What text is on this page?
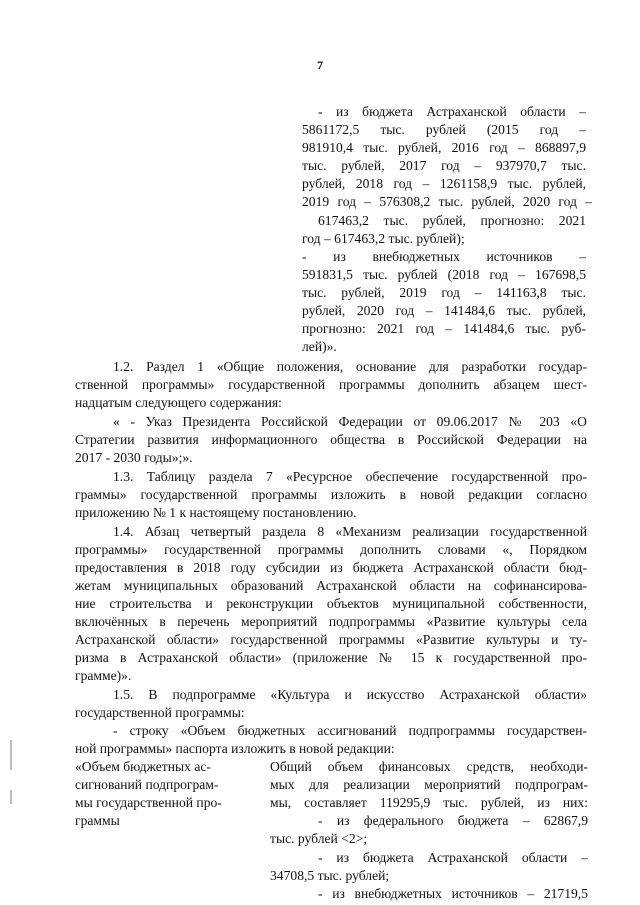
7

- из бюджета Астраханской области –

5861172,5 тыс. рублей (2015 год –

981910,4 тыс. рублей, 2016 год – 868897,9

тыс. рублей, 2017 год – 937970,7 тыс.

рублей, 2018 год – 1261158,9 тыс. рублей,

2019 год – 576308,2 тыс. рублей, 2020 год –

617463,2 тыс. рублей, прогнозно: 2021

год – 617463,2 тыс. рублей);

- из внебюджетных источников –

591831,5 тыс. рублей (2018 год – 167698,5

тыс. рублей, 2019 год – 141163,8 тыс.

рублей, 2020 год – 141484,6 тыс. рублей,

прогнозно: 2021 год – 141484,6 тыс. руб-

лей)».

1.2. Раздел 1 «Общие положения, основание для разработки государ-

ственной программы» государственной программы дополнить абзацем шест-

надцатым следующего содержания:

« - Указ Президента Российской Федерации от 09.06.2017 № 203 «О

Стратегии развития информационного общества в Российской Федерации на

2017 - 2030 годы»;».

1.3. Таблицу раздела 7 «Ресурсное обеспечение государственной про-

граммы» государственной программы изложить в новой редакции согласно

приложению № 1 к настоящему постановлению.

1.4. Абзац четвертый раздела 8 «Механизм реализации государственной

программы» государственной программы дополнить словами «, Порядком

предоставления в 2018 году субсидии из бюджета Астраханской области бюд-

жетам муниципальных образований Астраханской области на софинансирова-

ние строительства и реконструкции объектов муниципальной собственности,

включённых в перечень мероприятий подпрограммы «Развитие культуры села

Астраханской области» государственной программы «Развитие культуры и ту-

ризма в Астраханской области» (приложение № 15 к государственной про-

грамме)».

1.5. В подпрограмме «Культура и искусство Астраханской области»

государственной программы:

- строку «Объем бюджетных ассигнований подпрограммы государствен-

ной программы» паспорта изложить в новой редакции:

«Объем бюджетных ас-

сигнований подпрограм-

мы государственной про-

граммы

Общий объем финансовых средств, необходи-

мых для реализации мероприятий подпрограм-

мы, составляет 119295,9 тыс. рублей, из них:

- из федерального бюджета – 62867,9

тыс. рублей <2>;

- из бюджета Астраханской области –

34708,5 тыс. рублей;

- из внебюджетных источников – 21719,5
